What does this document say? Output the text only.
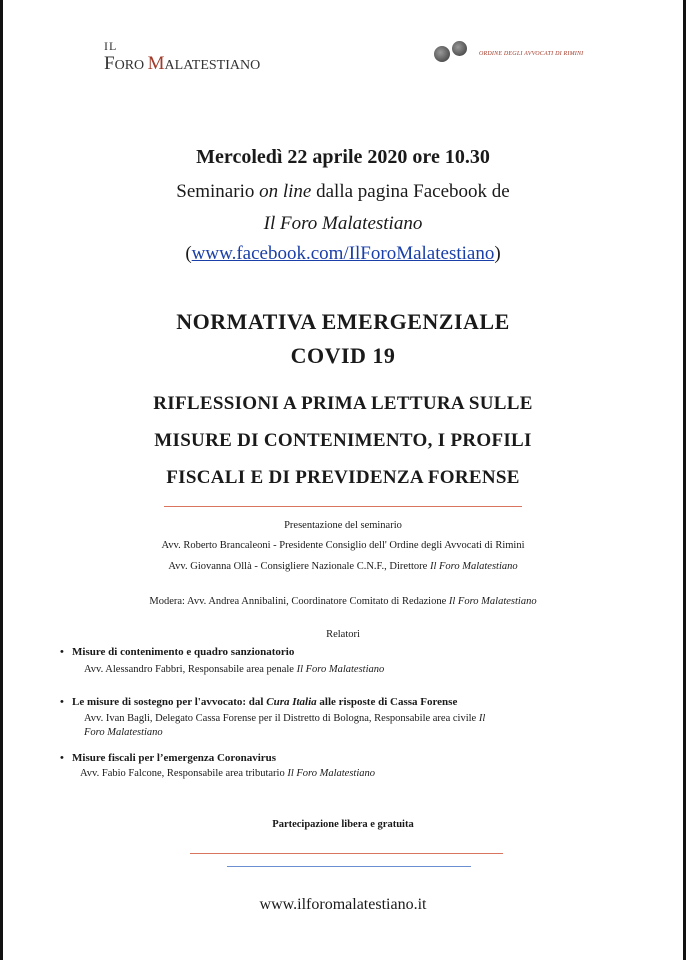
IL
FORO MALATESTIANO
ORDINE DEGLI AVVOCATI DI RIMINI
Mercoledì 22 aprile 2020 ore 10.30
Seminario on line dalla pagina Facebook de
Il Foro Malatestiano
(www.facebook.com/IlForoMalatestiano)
NORMATIVA EMERGENZIALE
COVID 19
RIFLESSIONI A PRIMA LETTURA SULLE
MISURE DI CONTENIMENTO, I PROFILI
FISCALI E DI PREVIDENZA FORENSE
Presentazione del seminario
Avv. Roberto Brancaleoni - Presidente Consiglio dell' Ordine degli Avvocati di Rimini
Avv. Giovanna Ollà - Consigliere Nazionale C.N.F., Direttore Il Foro Malatestiano
Modera: Avv. Andrea Annibalini, Coordinatore Comitato di Redazione Il Foro Malatestiano
Relatori
• Misure di contenimento e quadro sanzionatorio
Avv. Alessandro Fabbri, Responsabile area penale Il Foro Malatestiano
• Le misure di sostegno per l'avvocato: dal Cura Italia alle risposte di Cassa Forense
Avv. Ivan Bagli, Delegato Cassa Forense per il Distretto di Bologna, Responsabile area civile Il
Foro Malatestiano
• Misure fiscali per l’emergenza Coronavirus
Avv. Fabio Falcone, Responsabile area tributario Il Foro Malatestiano
Partecipazione libera e gratuita
www.ilforomalatestiano.it
